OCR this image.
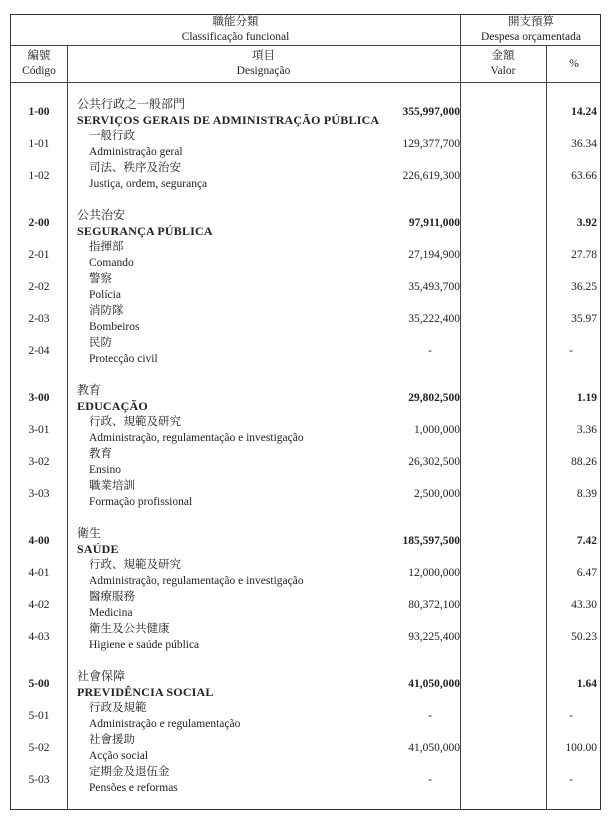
職能分類
Classificação funcional
開支預算
Despesa orçamentada
編號
Código
項目
Designação
金額
Valor
%
1-00
公共行政之一般部門
SERVIÇOS GERAIS DE ADMINISTRAÇÃO PÚBLICA
355,997,000	14.24
1-01
一般行政
Administração geral
129,377,700	36.34
1-02
司法、秩序及治安
Justiça, ordem, segurança
226,619,300	63.66
2-00
公共治安
SEGURANÇA PÚBLICA
97,911,000	3.92
2-01
指揮部
Comando
27,194,900	27.78
2-02
警察
Polícia
35,493,700	36.25
2-03
消防隊
Bombeiros
35,222,400	35.97
2-04
民防
Protecção civil
-	-
3-00
教育
EDUCAÇÃO
29,802,500	1.19
3-01
行政、規範及研究
Administração, regulamentação e investigação
1,000,000	3.36
3-02
教育
Ensino
26,302,500	88.26
3-03
職業培訓
Formação profissional
2,500,000	8.39
4-00
衛生
SAÚDE
185,597,500	7.42
4-01
行政、規範及研究
Administração, regulamentação e investigação
12,000,000	6.47
4-02
醫療服務
Medicina
80,372,100	43.30
4-03
衛生及公共健康
Higiene e saúde pública
93,225,400	50.23
5-00
社會保障
PREVIDÊNCIA SOCIAL
41,050,000	1.64
5-01
行政及規範
Administração e regulamentação
-	-
5-02
社會援助
Acção social
41,050,000	100.00
5-03
定期金及退伍金
Pensões e reformas
-	-
